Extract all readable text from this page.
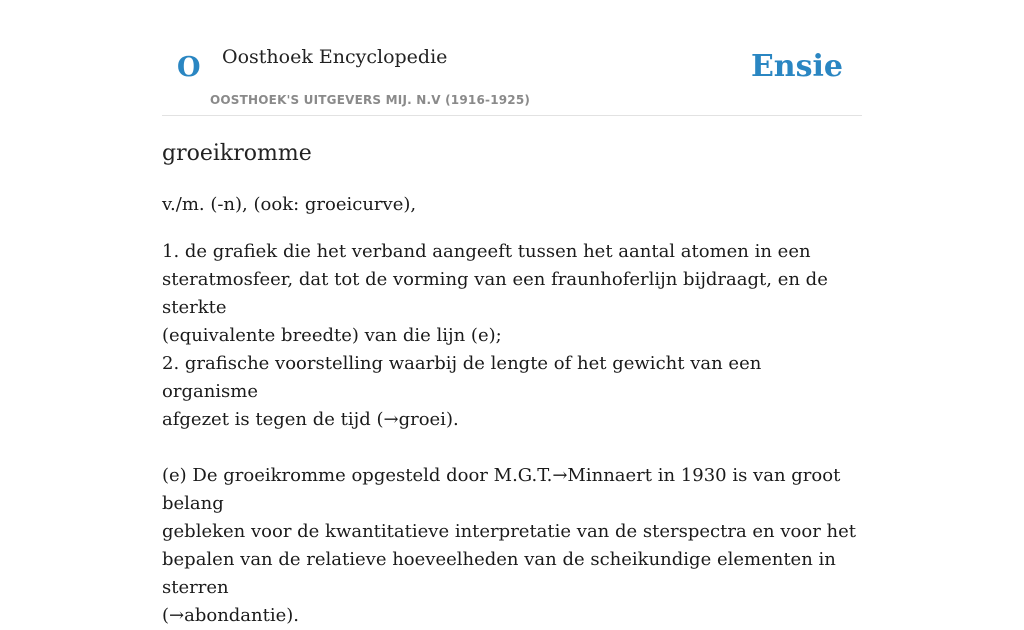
O Oosthoek Encyclopedie
OOSTHOEK'S UITGEVERS MIJ. N.V (1916-1925)
Ensie
groeikromme

v./m. (-n), (ook: groeicurve),

1. de grafiek die het verband aangeeft tussen het aantal atomen in een
steratmosfeer, dat tot de vorming van een fraunhoferlijn bijdraagt, en de sterkte
(equivalente breedte) van die lijn (e);
2. grafische voorstelling waarbij de lengte of het gewicht van een organisme
afgezet is tegen de tijd (→groei).
(e) De groeikromme opgesteld door M.G.T.→Minnaert in 1930 is van groot belang
gebleken voor de kwantitatieve interpretatie van de sterspectra en voor het
bepalen van de relatieve hoeveelheden van de scheikundige elementen in sterren
(→abondantie).
